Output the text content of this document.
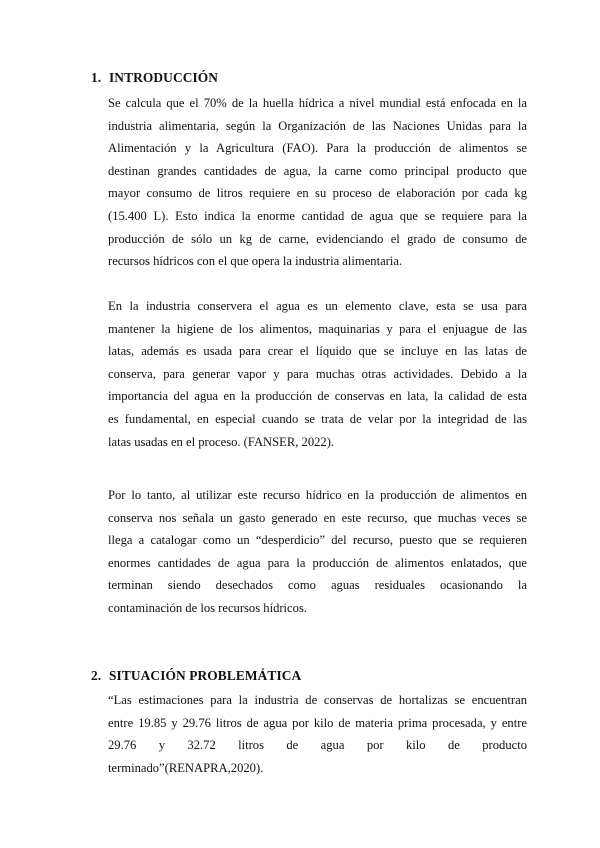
1. INTRODUCCIÓN
Se calcula que el 70% de la huella hídrica a nivel mundial está enfocada en la
industria alimentaria, según la Organización de las Naciones Unidas para la
Alimentación y la Agricultura (FAO). Para la producción de alimentos se
destinan grandes cantidades de agua, la carne como principal producto que
mayor consumo de litros requiere en su proceso de elaboración por cada kg
(15.400 L). Esto indica la enorme cantidad de agua que se requiere para la
producción de sólo un kg de carne, evidenciando el grado de consumo de
recursos hídricos con el que opera la industria alimentaria.
En la industria conservera el agua es un elemento clave, esta se usa para
mantener la higiene de los alimentos, maquinarias y para el enjuague de las
latas, además es usada para crear el líquido que se incluye en las latas de
conserva, para generar vapor y para muchas otras actividades. Debido a la
importancia del agua en la producción de conservas en lata, la calidad de esta
es fundamental, en especial cuando se trata de velar por la integridad de las
latas usadas en el proceso. (FANSER, 2022).
Por lo tanto, al utilizar este recurso hídrico en la producción de alimentos en
conserva nos señala un gasto generado en este recurso, que muchas veces se
llega a catalogar como un “desperdicio” del recurso, puesto que se requieren
enormes cantidades de agua para la producción de alimentos enlatados, que
terminan siendo desechados como aguas residuales ocasionando la
contaminación de los recursos hídricos.
2. SITUACIÓN PROBLEMÁTICA
“Las estimaciones para la industria de conservas de hortalizas se encuentran
entre 19.85 y 29.76 litros de agua por kilo de materia prima procesada, y entre
29.76 y 32.72 litros de agua por kilo de producto
terminado”(RENAPRA,2020).
